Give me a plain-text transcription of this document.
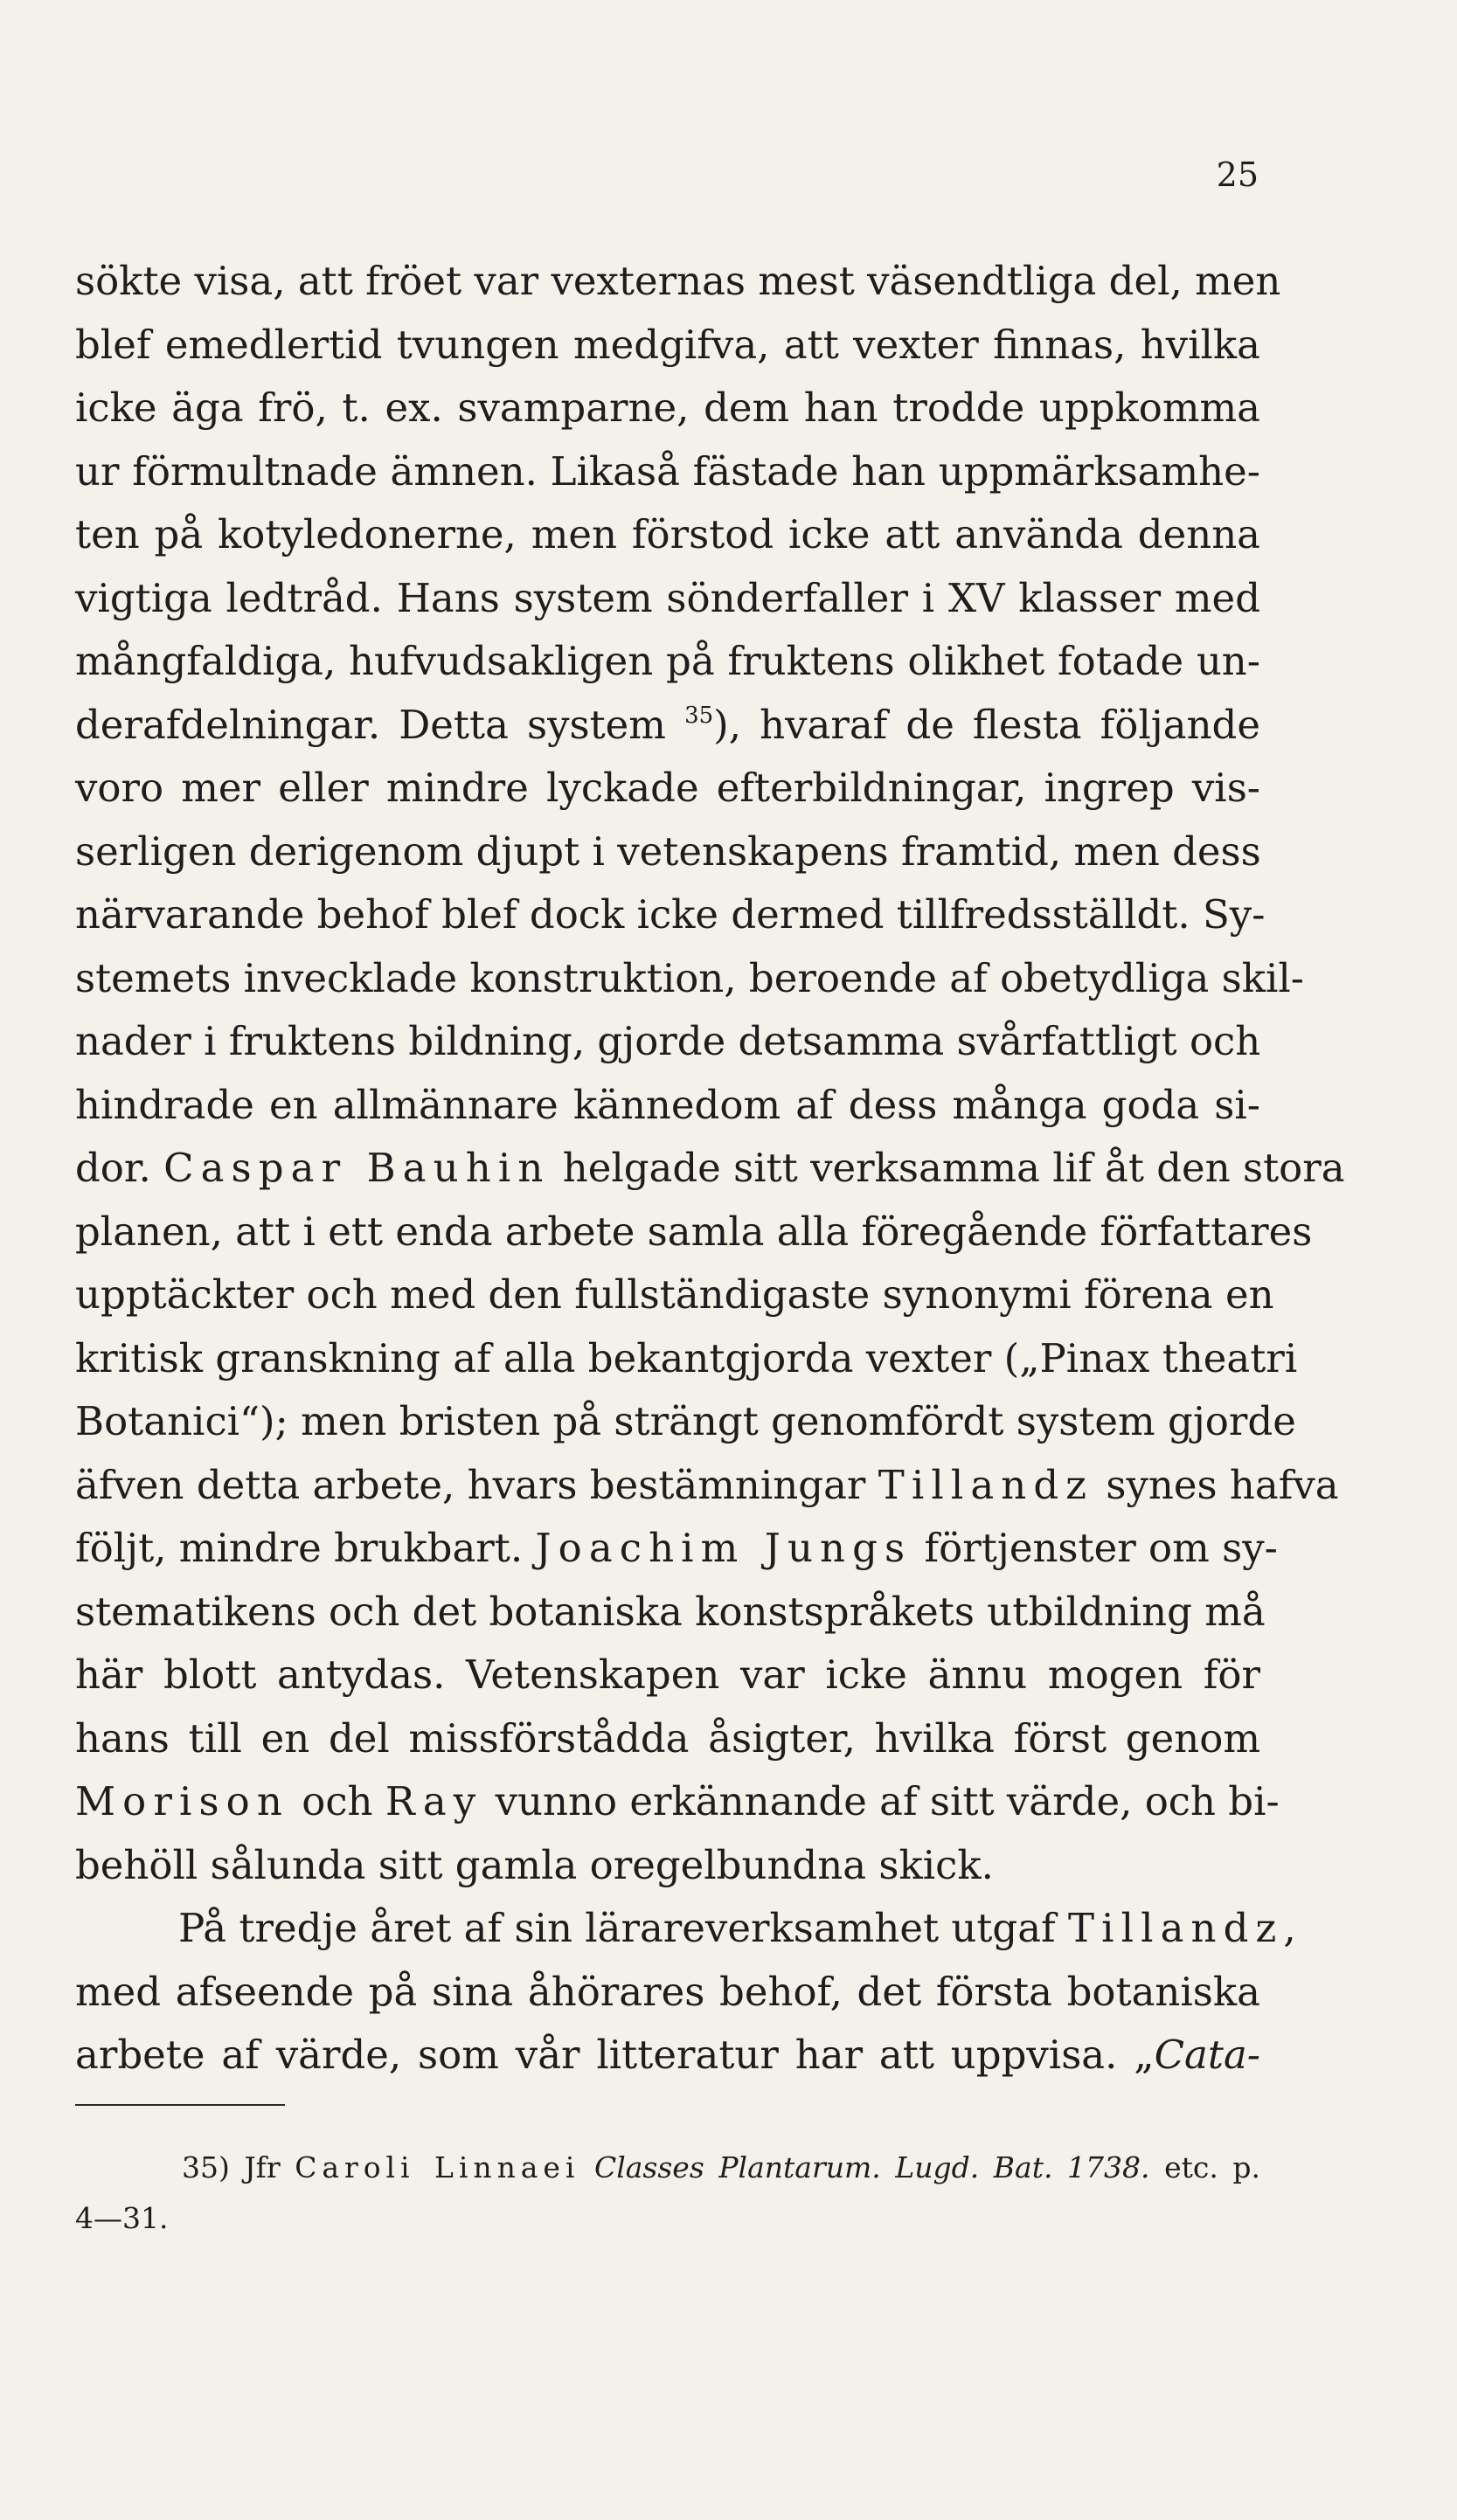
25
sökte visa, att fröet var vexternas mest väsendtliga del, men
blef emedlertid tvungen medgifva, att vexter finnas, hvilka
icke äga frö, t. ex. svamparne, dem han trodde uppkomma
ur förmultnade ämnen. Likaså fästade han uppmärksamhe-
ten på kotyledonerne, men förstod icke att använda denna
vigtiga ledtråd. Hans system sönderfaller i XV klasser med
mångfaldiga, hufvudsakligen på fruktens olikhet fotade un-
derafdelningar. Detta system $^{35}$), hvaraf de flesta följande
voro mer eller mindre lyckade efterbildningar, ingrep vis-
serligen derigenom djupt i vetenskapens framtid, men dess
närvarande behof blef dock icke dermed tillfredsställdt. Sy-
stemets invecklade konstruktion, beroende af obetydliga skil-
nader i fruktens bildning, gjorde detsamma svårfattligt och
hindrade en allmännare kännedom af dess många goda si-
dor. Caspar Bauhin helgade sitt verksamma lif åt den stora
planen, att i ett enda arbete samla alla föregående författares
upptäckter och med den fullständigaste synonymi förena en
kritisk granskning af alla bekantgjorda vexter („Pinax theatri
Botanici“); men bristen på strängt genomfördt system gjorde
äfven detta arbete, hvars bestämningar Tillandz synes hafva
följt, mindre brukbart. Joachim Jungs förtjenster om sy-
stematikens och det botaniska konstspråkets utbildning må
här blott antydas. Vetenskapen var icke ännu mogen för
hans till en del missförstådda åsigter, hvilka först genom
Morison och Ray vunno erkännande af sitt värde, och bi-
behöll sålunda sitt gamla oregelbundna skick.
På tredje året af sin lärareverksamhet utgaf Tillandz,
med afseende på sina åhörares behof, det första botaniska
arbete af värde, som vår litteratur har att uppvisa. „Cata-
35) Jfr Caroli Linnaei Classes Plantarum. Lugd. Bat. 1738. etc. p.
4—31.
